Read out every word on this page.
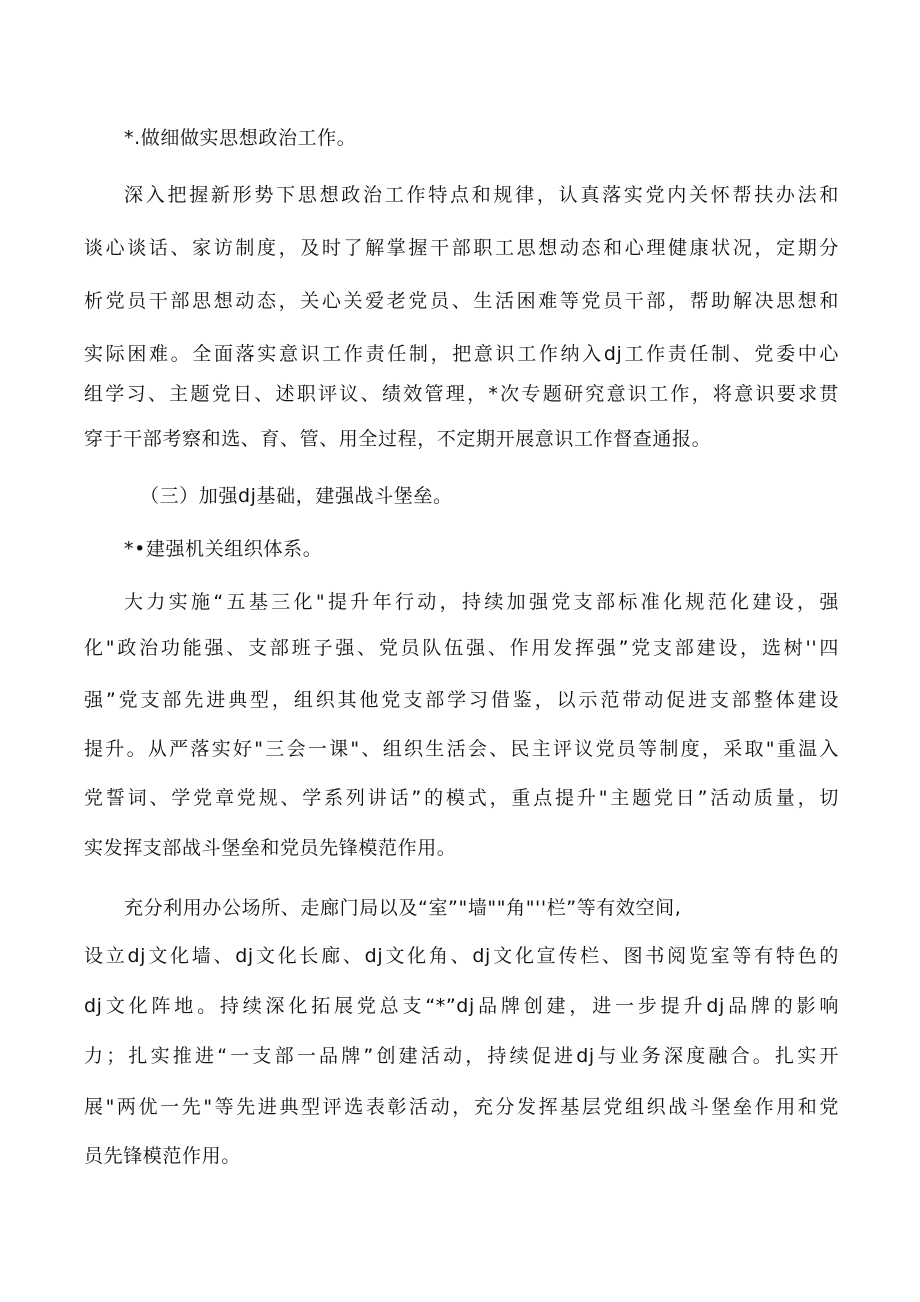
*.做细做实思想政治工作。
深入把握新形势下思想政治工作特点和规律，认真落实党内关怀帮扶办法和
谈心谈话、家访制度，及时了解掌握干部职工思想动态和心理健康状况，定期分
析党员干部思想动态，关心关爱老党员、生活困难等党员干部，帮助解决思想和
实际困难。全面落实意识工作责任制，把意识工作纳入dj工作责任制、党委中心
组学习、主题党日、述职评议、绩效管理，*次专题研究意识工作，将意识要求贯
穿于干部考察和选、育、管、用全过程，不定期开展意识工作督查通报。
（三）加强dj基础，建强战斗堡垒。
*•建强机关组织体系。
大力实施“五基三化"提升年行动，持续加强党支部标准化规范化建设，强
化"政治功能强、支部班子强、党员队伍强、作用发挥强”党支部建设，选树''四
强”党支部先进典型，组织其他党支部学习借鉴，以示范带动促进支部整体建设
提升。从严落实好"三会一课"、组织生活会、民主评议党员等制度，采取"重温入
党誓词、学党章党规、学系列讲话”的模式，重点提升"主题党日”活动质量，切
实发挥支部战斗堡垒和党员先锋模范作用。
充分利用办公场所、走廊门局以及“室”"墙""角"''栏”等有效空间,
设立dj文化墙、dj文化长廊、dj文化角、dj文化宣传栏、图书阅览室等有特色的
dj文化阵地。持续深化拓展党总支“*”dj品牌创建，进一步提升dj品牌的影响
力；扎实推进“一支部一品牌”创建活动，持续促进dj与业务深度融合。扎实开
展"两优一先"等先进典型评选表彰活动，充分发挥基层党组织战斗堡垒作用和党
员先锋模范作用。
